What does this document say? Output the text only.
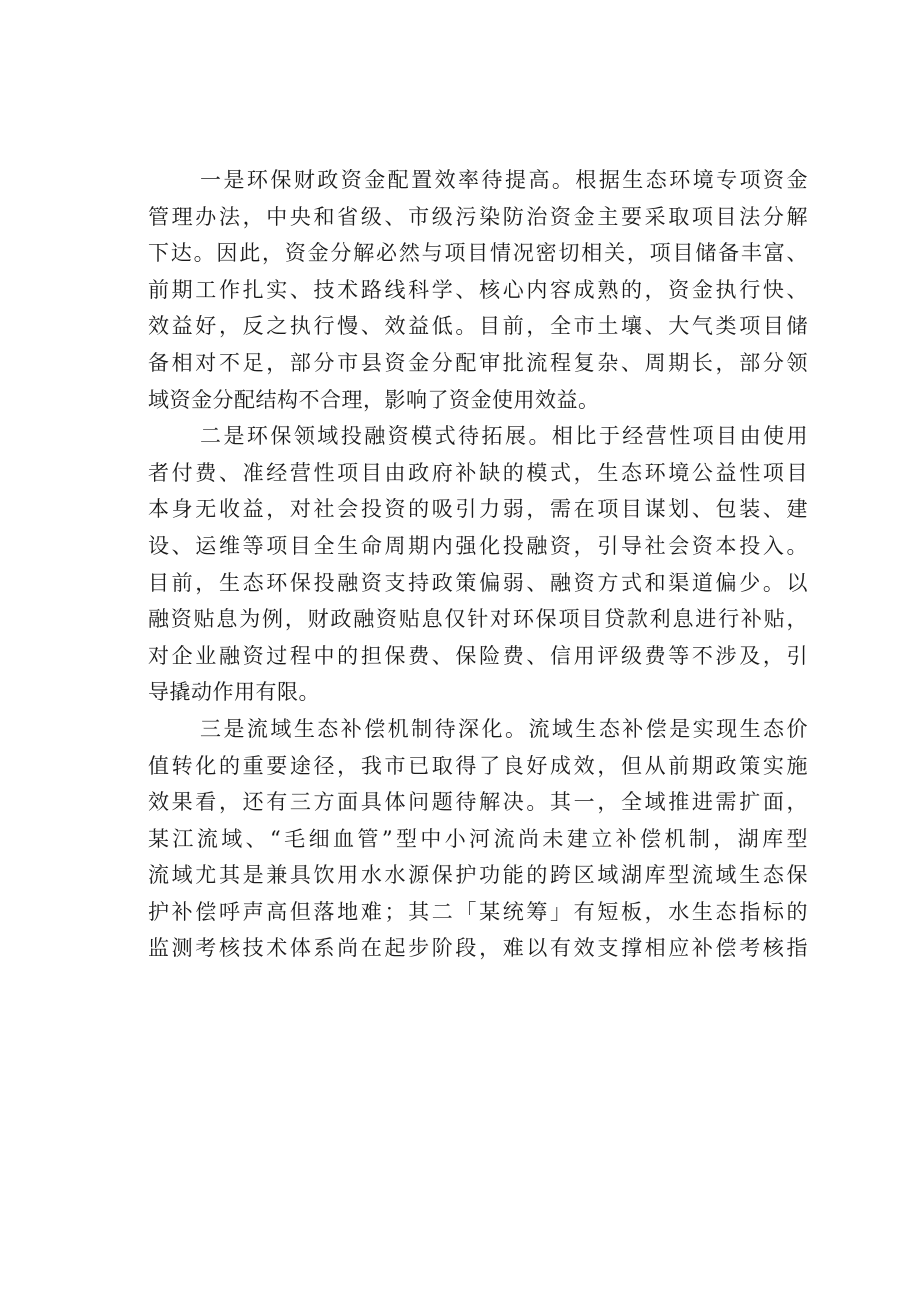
一是环保财政资金配置效率待提高。根据生态环境专项资金
管理办法，中央和省级、市级污染防治资金主要采取项目法分解
下达。因此，资金分解必然与项目情况密切相关，项目储备丰富、
前期工作扎实、技术路线科学、核心内容成熟的，资金执行快、
效益好，反之执行慢、效益低。目前，全市土壤、大气类项目储
备相对不足，部分市县资金分配审批流程复杂、周期长，部分领
域资金分配结构不合理，影响了资金使用效益。
二是环保领域投融资模式待拓展。相比于经营性项目由使用
者付费、准经营性项目由政府补缺的模式，生态环境公益性项目
本身无收益，对社会投资的吸引力弱，需在项目谋划、包装、建
设、运维等项目全生命周期内强化投融资，引导社会资本投入。
目前，生态环保投融资支持政策偏弱、融资方式和渠道偏少。以
融资贴息为例，财政融资贴息仅针对环保项目贷款利息进行补贴，
对企业融资过程中的担保费、保险费、信用评级费等不涉及，引
导撬动作用有限。
三是流域生态补偿机制待深化。流域生态补偿是实现生态价
值转化的重要途径，我市已取得了良好成效，但从前期政策实施
效果看，还有三方面具体问题待解决。其一，全域推进需扩面，
某江流域、“毛细血管”型中小河流尚未建立补偿机制，湖库型
流域尤其是兼具饮用水水源保护功能的跨区域湖库型流域生态保
护补偿呼声高但落地难；其二「某统筹」有短板，水生态指标的
监测考核技术体系尚在起步阶段，难以有效支撑相应补偿考核指
